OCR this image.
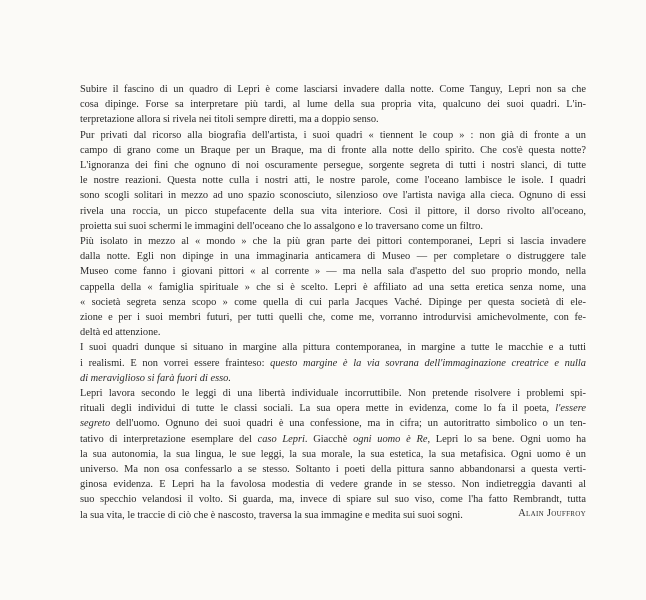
Subire il fascino di un quadro di Lepri è come lasciarsi invadere dalla notte. Come Tanguy, Lepri non sa che
cosa dipinge. Forse sa interpretare più tardi, al lume della sua propria vita, qualcuno dei suoi quadri. L'in-
terpretazione allora si rivela nei titoli sempre diretti, ma a doppio senso.

Pur privati dal ricorso alla biografia dell'artista, i suoi quadri « tiennent le coup » : non già di fronte a un
campo di grano come un Braque per un Braque, ma di fronte alla notte dello spirito. Che cos'è questa notte?
L'ignoranza dei fini che ognuno di noi oscuramente persegue, sorgente segreta di tutti i nostri slanci, di tutte
le nostre reazioni. Questa notte culla i nostri atti, le nostre parole, come l'oceano lambisce le isole. I quadri
sono scogli solitari in mezzo ad uno spazio sconosciuto, silenzioso ove l'artista naviga alla cieca. Ognuno di essi
rivela una roccia, un picco stupefacente della sua vita interiore. Così il pittore, il dorso rivolto all'oceano,
proietta sui suoi schermi le immagini dell'oceano che lo assalgono e lo traversano come un filtro.

Più isolato in mezzo al « mondo » che la più gran parte dei pittori contemporanei, Lepri si lascia invadere
dalla notte. Egli non dipinge in una immaginaria anticamera di Museo — per completare o distruggere tale
Museo come fanno i giovani pittori « al corrente » — ma nella sala d'aspetto del suo proprio mondo, nella
cappella della « famiglia spirituale » che si è scelto. Lepri è affiliato ad una setta eretica senza nome, una
« società segreta senza scopo » come quella di cui parla Jacques Vaché. Dipinge per questa società di ele-
zione e per i suoi membri futuri, per tutti quelli che, come me, vorranno introdurvisi amichevolmente, con fe-
deltà ed attenzione.

I suoi quadri dunque si situano in margine alla pittura contemporanea, in margine a tutte le macchie e a tutti
i realismi. E non vorrei essere frainteso: questo margine è la via sovrana dell'immaginazione creatrice e nulla
di meraviglioso si farà fuori di esso.

Lepri lavora secondo le leggi di una libertà individuale incorruttibile. Non pretende risolvere i problemi spi-
rituali degli individui di tutte le classi sociali. La sua opera mette in evidenza, come lo fa il poeta, l'essere
segreto dell'uomo. Ognuno dei suoi quadri è una confessione, ma in cifra; un autoritratto simbolico o un ten-
tativo di interpretazione esemplare del caso Lepri. Giacchè ogni uomo è Re, Lepri lo sa bene. Ogni uomo ha
la sua autonomia, la sua lingua, le sue leggi, la sua morale, la sua estetica, la sua metafisica. Ogni uomo è un
universo. Ma non osa confessarlo a se stesso. Soltanto i poeti della pittura sanno abbandonarsi a questa verti-
ginosa evidenza. E Lepri ha la favolosa modestia di vedere grande in se stesso. Non indietreggia davanti al
suo specchio velandosi il volto. Si guarda, ma, invece di spiare sul suo viso, come l'ha fatto Rembrandt, tutta
la sua vita, le traccie di ciò che è nascosto, traversa la sua immagine e medita sui suoi sogni.	Alain Jouffroy
